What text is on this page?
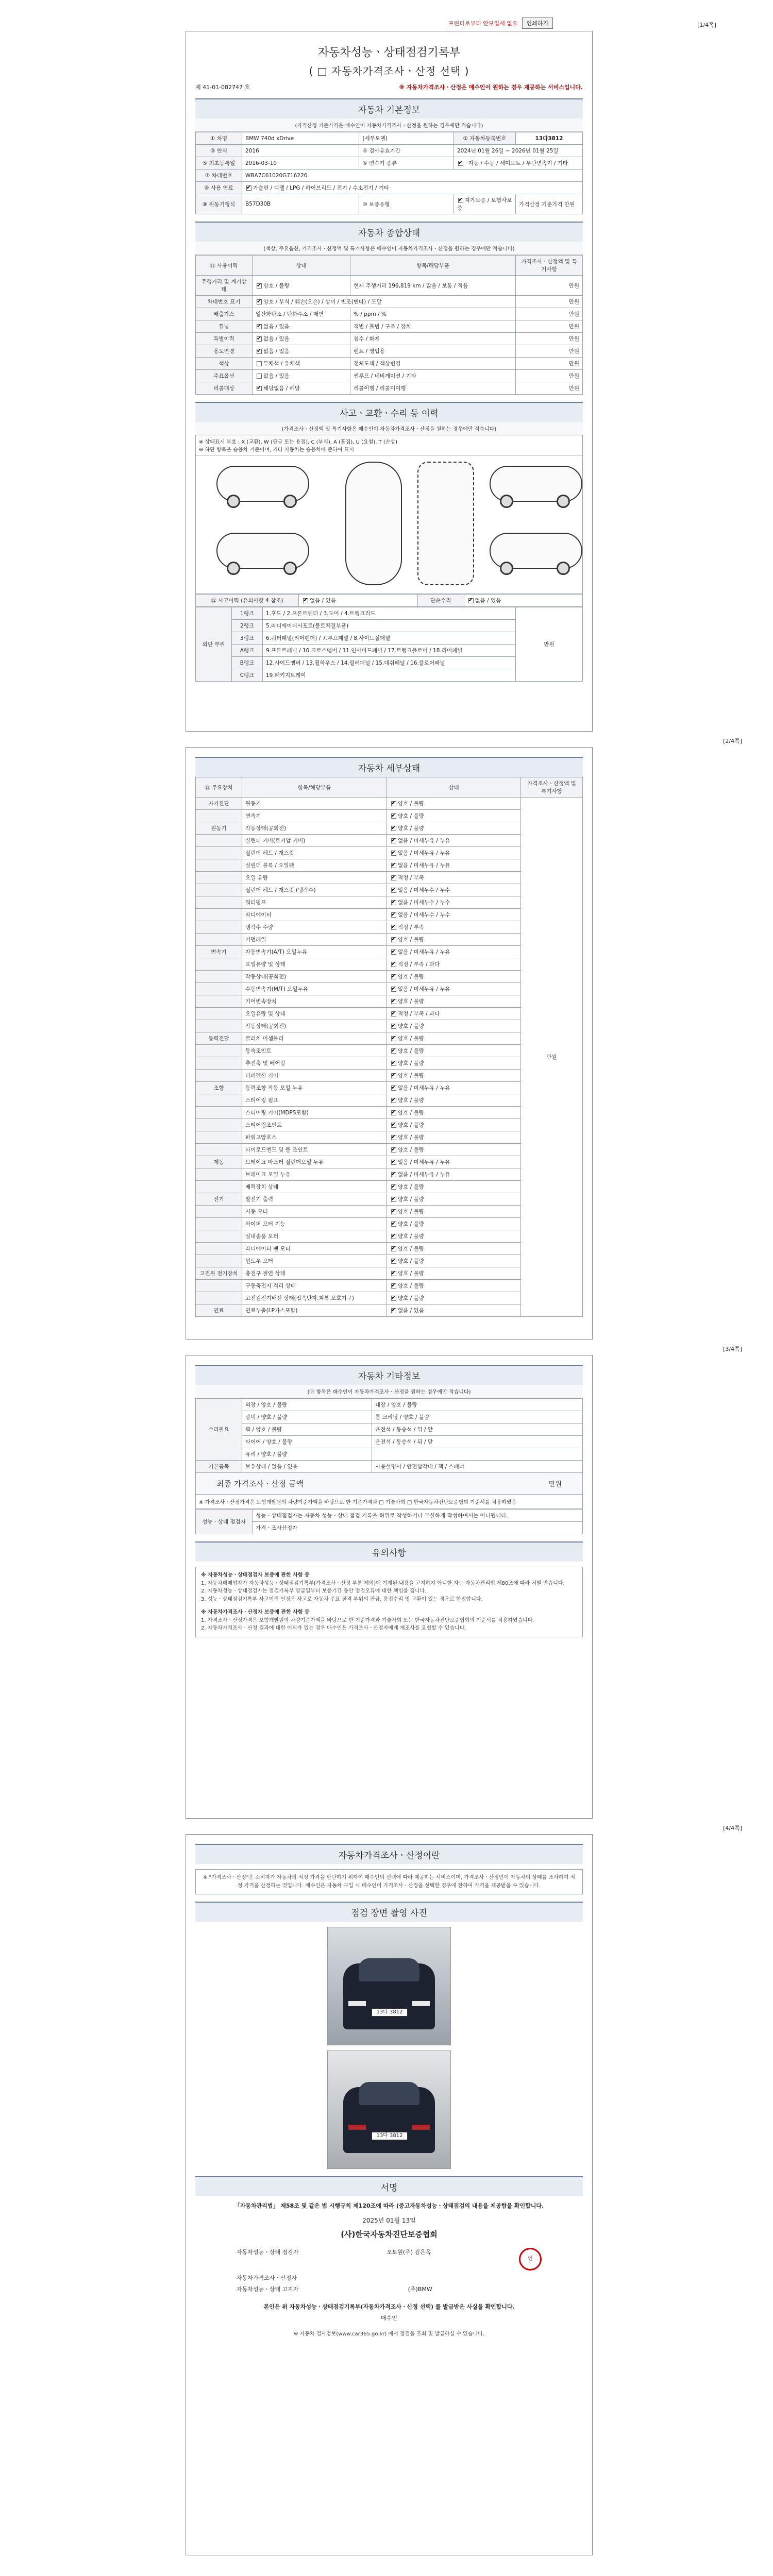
프린터로부터 안보입세 없요	인쇄하기	[1/4쪽]
자동차성능ㆍ상태점검기록부
( □ 자동차가격조사ㆍ산정 선택 )
제 41-01-082747 호	※ 자동차가격조사ㆍ산정은 매수인이 원하는 경우 제공하는 서비스입니다.
자동차 기본정보
(가격산정 기준가격은 매수인이 자동차가격조사ㆍ산정을 원하는 경우에만 적습니다)
① 차명	BMW 740d xDrive	(세부모델)	② 자동차등록번호	13다3812
③ 연식	2016	④ 검사유효기간	2024년 01월 26일 ~ 2026년 01월 25일	
⑤ 최초등록일	2016-03-10	⑥ 변속기 종류	✔자동 / 수동 / 세미오토 / 무단변속기 / 기타
⑦ 차대번호	WBA7C61020G716226			
⑧ 사용 연료	✔가솔린 / 디젤 / LPG / 하이브리드 / 전기 / 수소전기 / 기타
⑨ 원동기형식	B57D30B	⑩ 보증유형	✔자가보증 / 보험사보증	가격산정 기준가격 만원
자동차 종합상태
(색상, 주요옵션, 가격조사ㆍ산정액 및 특기사항은 매수인이 자동차가격조사ㆍ산정을 원하는 경우에만 적습니다)
⑪ 사용이력	상태	항목/해당부품	가격조사ㆍ산정액 및 특기사항
주행거리 및 계기상태	✔양호 / 불량	현재 주행거리 196,819 km / 많음 / 보통 / 적음	만원
차대번호 표기	✔양호 / 부식 / 훼손(오손) / 상이 / 변조(변타) / 도말		만원
배출가스	일산화탄소 / 탄화수소 / 매연	% / ppm / %	만원
튜닝	✔없음 / 있음	적법 / 불법 / 구조 / 장치	만원
특별이력	✔없음 / 있음	침수 / 화재	만원
용도변경	✔없음 / 있음	렌트 / 영업용	만원
색상	무채색 / 유채색	전체도색 / 색상변경	만원
주요옵션	없음 / 있음	썬루프 / 네비게이션 / 기타	만원
리콜대상	✔해당없음 / 해당	리콜이행 / 리콜미이행	만원
사고ㆍ교환ㆍ수리 등 이력
(가격조사ㆍ산정액 및 특기사항은 매수인이 자동차가격조사ㆍ산정을 원하는 경우에만 적습니다)
※ 상태표시 부호 : X (교환), W (판금 또는 용접), C (부식), A (흠집), U (요철), T (손상)
※ 하단 항목은 승용차 기준이며, 기타 자동차는 승용차에 준하여 표시
⑫ 사고이력 (유의사항 4 참조)	✔없음 / 있음	단순수리	✔없음 / 있음
외판 부위	1랭크	1.후드 / 2.프론트펜더 / 3.도어 / 4.트렁크리드	만원
	2랭크	5.라디에이터서포트(볼트체결부품)	
	3랭크	6.쿼터패널(리어펜더) / 7.루프패널 / 8.사이드실패널	
	A랭크	9.프론트패널 / 10.크로스멤버 / 11.인사이드패널 / 17.트렁크플로어 / 18.리어패널	
	B랭크	12.사이드멤버 / 13.휠하우스 / 14.필러패널 / 15.대쉬패널 / 16.플로어패널	
	C랭크	19.패키지트레이	
[2/4쪽]
자동차 세부상태
⑬ 주요장치	항목/해당부품	상태	가격조사ㆍ산정액 및 특기사항
자기진단	원동기	✔양호 / 불량	만원
	변속기	✔양호 / 불량
원동기	작동상태(공회전)	✔양호 / 불량
	실린더 커버(로커암 커버)	✔없음 / 미세누유 / 누유
	실린더 헤드 / 개스킷	✔없음 / 미세누유 / 누유
	실린더 블록 / 오일팬	✔없음 / 미세누유 / 누유
	오일 유량	✔적정 / 부족
	실린더 헤드 / 개스킷 (냉각수)	✔없음 / 미세누수 / 누수
	워터펌프	✔없음 / 미세누수 / 누수
	라디에이터	✔없음 / 미세누수 / 누수
	냉각수 수량	✔적정 / 부족
	커먼레일	✔양호 / 불량
변속기	자동변속기(A/T) 오일누유	✔없음 / 미세누유 / 누유
	오일유량 및 상태	✔적정 / 부족 / 과다
	작동상태(공회전)	✔양호 / 불량
	수동변속기(M/T) 오일누유	✔없음 / 미세누유 / 누유
	기어변속장치	✔양호 / 불량
	오일유량 및 상태	✔적정 / 부족 / 과다
	작동상태(공회전)	✔양호 / 불량
동력전달	클러치 어셈블리	✔양호 / 불량
	등속조인트	✔양호 / 불량
	추진축 및 베어링	✔양호 / 불량
	디퍼렌셜 기어	✔양호 / 불량
조향	동력조향 작동 오일 누유	✔없음 / 미세누유 / 누유
	스티어링 펌프	✔양호 / 불량
	스티어링 기어(MDPS포함)	✔양호 / 불량
	스티어링조인트	✔양호 / 불량
	파워고압호스	✔양호 / 불량
	타이로드엔드 및 볼 조인트	✔양호 / 불량
제동	브레이크 마스터 실린더오일 누유	✔없음 / 미세누유 / 누유
	브레이크 오일 누유	✔없음 / 미세누유 / 누유
	배력장치 상태	✔양호 / 불량
전기	발전기 출력	✔양호 / 불량
	시동 모터	✔양호 / 불량
	와이퍼 모터 기능	✔양호 / 불량
	실내송풍 모터	✔양호 / 불량
	라디에이터 팬 모터	✔양호 / 불량
	윈도우 모터	✔양호 / 불량
고전원 전기장치	충전구 절연 상태	✔양호 / 불량
	구동축전지 격리 상태	✔양호 / 불량
	고전원전기배선 상태(접속단자,피복,보호기구)	✔양호 / 불량
연료	연료누출(LP가스포함)	✔없음 / 있음
[3/4쪽]
자동차 기타정보
(⑭ 항목은 매수인이 자동차가격조사ㆍ산정을 원하는 경우에만 적습니다)
수리필요	외장 / 양호 / 불량	내장 / 양호 / 불량
	광택 / 양호 / 불량	룸 크리닝 / 양호 / 불량
	휠 / 양호 / 불량	운전석 / 동승석 / 뒤 / 앞
	타이어 / 양호 / 불량	운전석 / 동승석 / 뒤 / 앞
	유리 / 양호 / 불량	
기본품목	보유상태 / 없음 / 있음	사용설명서 / 안전삼각대 / 잭 / 스패너
최종 가격조사ㆍ산정 금액	만원
※ 가격조사ㆍ산정가격은 보험개발원의 차량기준가액을 바탕으로 한 기준가격과 □ 기술사회 □ 한국자동차진단보증협회 기준서를 적용하였음
성능ㆍ상태 점검자	성능ㆍ상태점검자는 자동차 성능ㆍ상태 점검 기록을 허위로 작성하거나 부실하게 작성하여서는 아니됩니다.
가격ㆍ조사산정자
유의사항
※ 자동차성능ㆍ상태점검자 보증에 관한 사항 등
1. 자동차매매업자가 자동차성능ㆍ상태점검기록부(가격조사ㆍ산정 부분 제외)에 기재된 내용을 고지하지 아니한 자는 자동차관리법 제80조에 따라 처벌 받습니다.
2. 자동차성능ㆍ상태점검자는 점검기록부 발급일부터 보증기간 동안 점검오류에 대한 책임을 집니다.
3. 성능ㆍ상태점검기록부 사고이력 인정은 사고로 자동차 주요 골격 부위의 판금, 용접수리 및 교환이 있는 경우로 한정합니다.
※ 자동차가격조사ㆍ산정자 보증에 관한 사항 등
1. 가격조사ㆍ산정가격은 보험개발원의 차량기준가액을 바탕으로 한 기준가격과 기술사회 또는 한국자동차진단보증협회의 기준서를 적용하였습니다.
2. 자동차가격조사ㆍ산정 결과에 대한 이의가 있는 경우 매수인은 가격조사ㆍ산정자에게 재조사를 요청할 수 있습니다.
[4/4쪽]
자동차가격조사ㆍ산정이란
※ "가격조사ㆍ산정"은 소비자가 자동차의 적정 가격을 판단하기 위하여 매수인의 선택에 따라 제공하는 서비스이며, 가격조사ㆍ산정인이 자동차의 상태를 조사하여 적정 가격을 산정하는 것입니다. 매수인은 자동차 구입 시 매수인이 가격조사ㆍ산정을 선택한 경우에 한하여 가격을 제공받을 수 있습니다.
점검 장면 촬영 사진
13다 3812
13다 3812
서명
「자동차관리법」 제58조 및 같은 법 시행규칙 제120조에 따라 (중고자동차성능ㆍ상태점검의 내용을 제공함을 확인합니다.
2025년 01월 13일
(사)한국자동차진단보증협회
자동차성능ㆍ상태 점검자	오토원(주) 김은옥
인
자동차가격조사ㆍ산정자
자동차성능ㆍ상태 고지자	(주)BMW
본인은 위 자동차성능ㆍ상태점검기록부(자동차가격조사ㆍ산정 선택) 를 발급받은 사실을 확인합니다.
매수인
※ 자동차 검사정보(www.car365.go.kr) 에서 점검을 조회 및 발급하실 수 있습니다.
